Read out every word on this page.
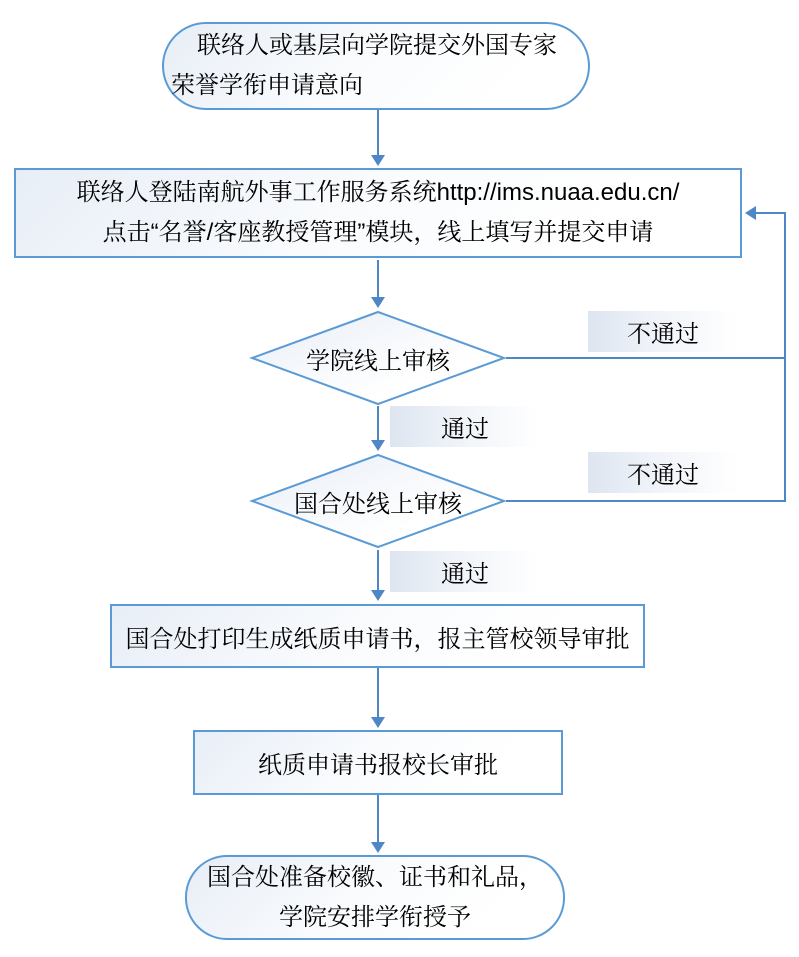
联络人或基层向学院提交外国专家
荣誉学衔申请意向
联络人登陆南航外事工作服务系统http://ims.nuaa.edu.cn/
点击“名誉/客座教授管理”模块，线上填写并提交申请
学院线上审核
不通过
通过
国合处线上审核
不通过
通过
国合处打印生成纸质申请书，报主管校领导审批
纸质申请书报校长审批
国合处准备校徽、证书和礼品，
学院安排学衔授予
